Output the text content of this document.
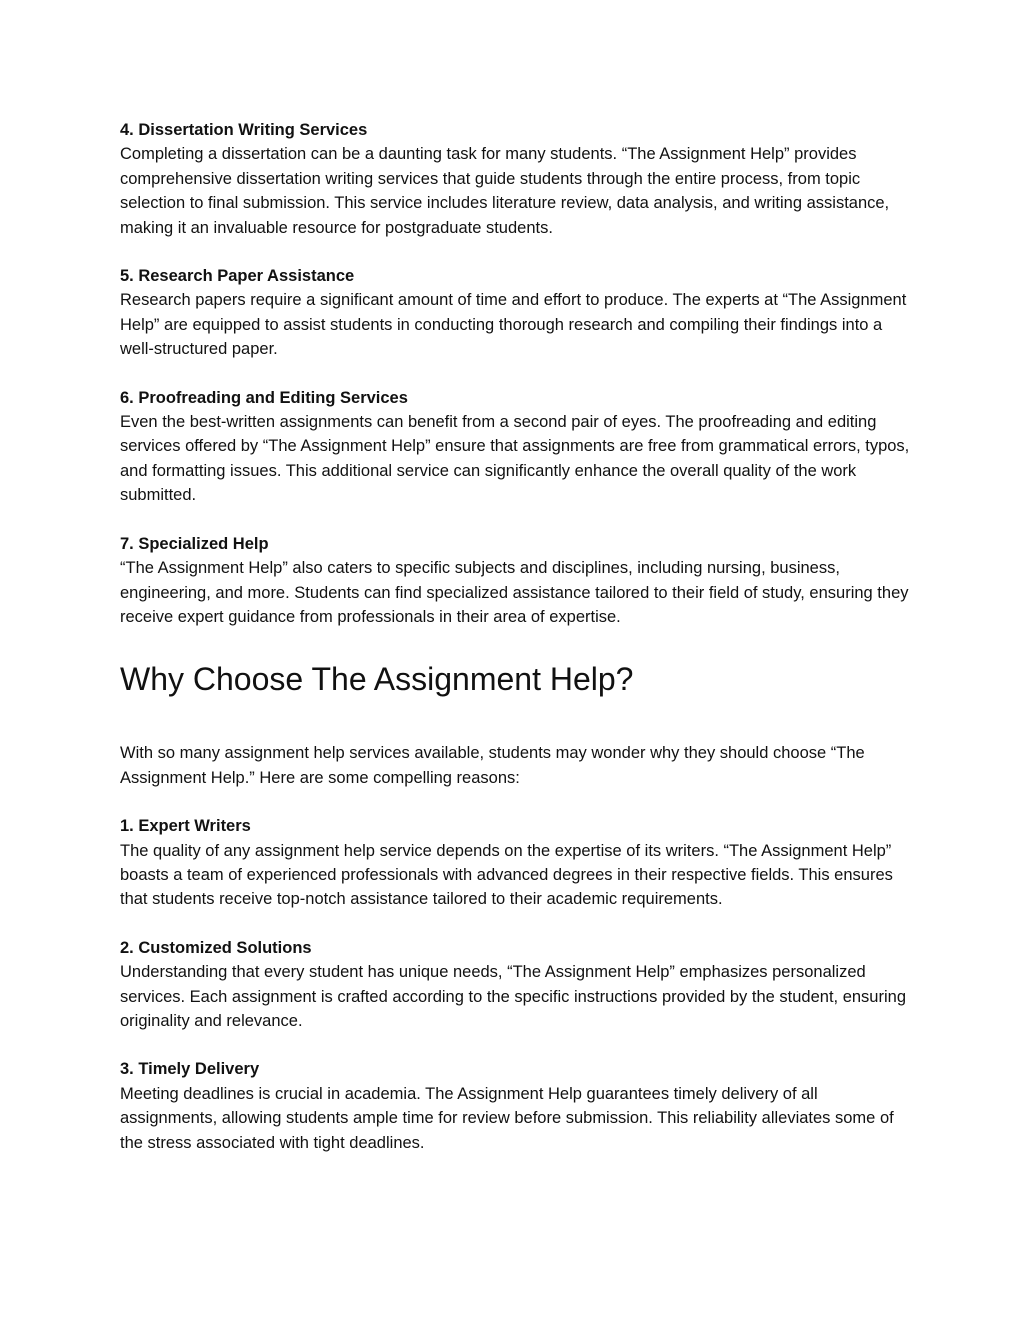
4. Dissertation Writing Services

Completing a dissertation can be a daunting task for many students. “The Assignment Help” provides comprehensive dissertation writing services that guide students through the entire process, from topic selection to final submission. This service includes literature review, data analysis, and writing assistance, making it an invaluable resource for postgraduate students.

5. Research Paper Assistance

Research papers require a significant amount of time and effort to produce. The experts at “The Assignment Help” are equipped to assist students in conducting thorough research and compiling their findings into a well-structured paper.

6. Proofreading and Editing Services

Even the best-written assignments can benefit from a second pair of eyes. The proofreading and editing services offered by “The Assignment Help” ensure that assignments are free from grammatical errors, typos, and formatting issues. This additional service can significantly enhance the overall quality of the work submitted.

7. Specialized Help

“The Assignment Help” also caters to specific subjects and disciplines, including nursing, business, engineering, and more. Students can find specialized assistance tailored to their field of study, ensuring they receive expert guidance from professionals in their area of expertise.

Why Choose The Assignment Help?

With so many assignment help services available, students may wonder why they should choose “The Assignment Help.” Here are some compelling reasons:

1. Expert Writers

The quality of any assignment help service depends on the expertise of its writers. “The Assignment Help” boasts a team of experienced professionals with advanced degrees in their respective fields. This ensures that students receive top-notch assistance tailored to their academic requirements.

2. Customized Solutions

Understanding that every student has unique needs, “The Assignment Help” emphasizes personalized services. Each assignment is crafted according to the specific instructions provided by the student, ensuring originality and relevance.

3. Timely Delivery

Meeting deadlines is crucial in academia. The Assignment Help guarantees timely delivery of all assignments, allowing students ample time for review before submission. This reliability alleviates some of the stress associated with tight deadlines.
